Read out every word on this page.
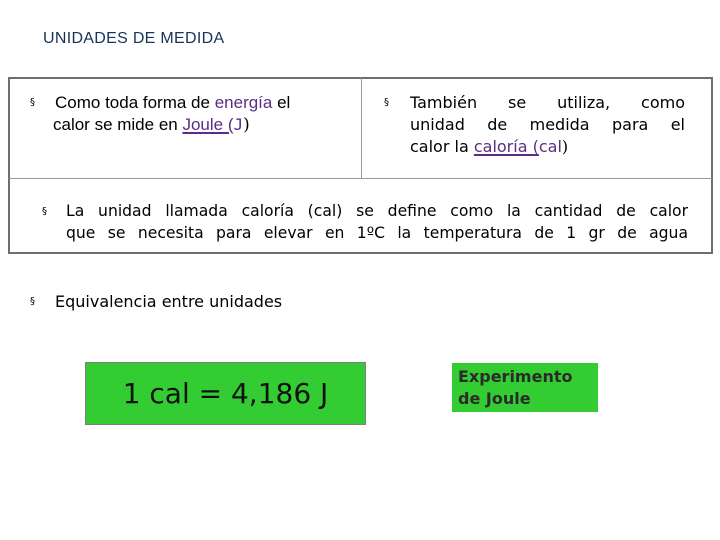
UNIDADES DE MEDIDA
§ Como toda forma de energía el
calor se mide en Joule (J)
§ También se utiliza, como
unidad de medida para el
calor la caloría (cal)
§ La unidad llamada caloría (cal) se define como la cantidad de calor
que se necesita para elevar en 1ºC la temperatura de 1 gr de agua
§ Equivalencia entre unidades
1 cal = 4,186 J
Experimento
de Joule
